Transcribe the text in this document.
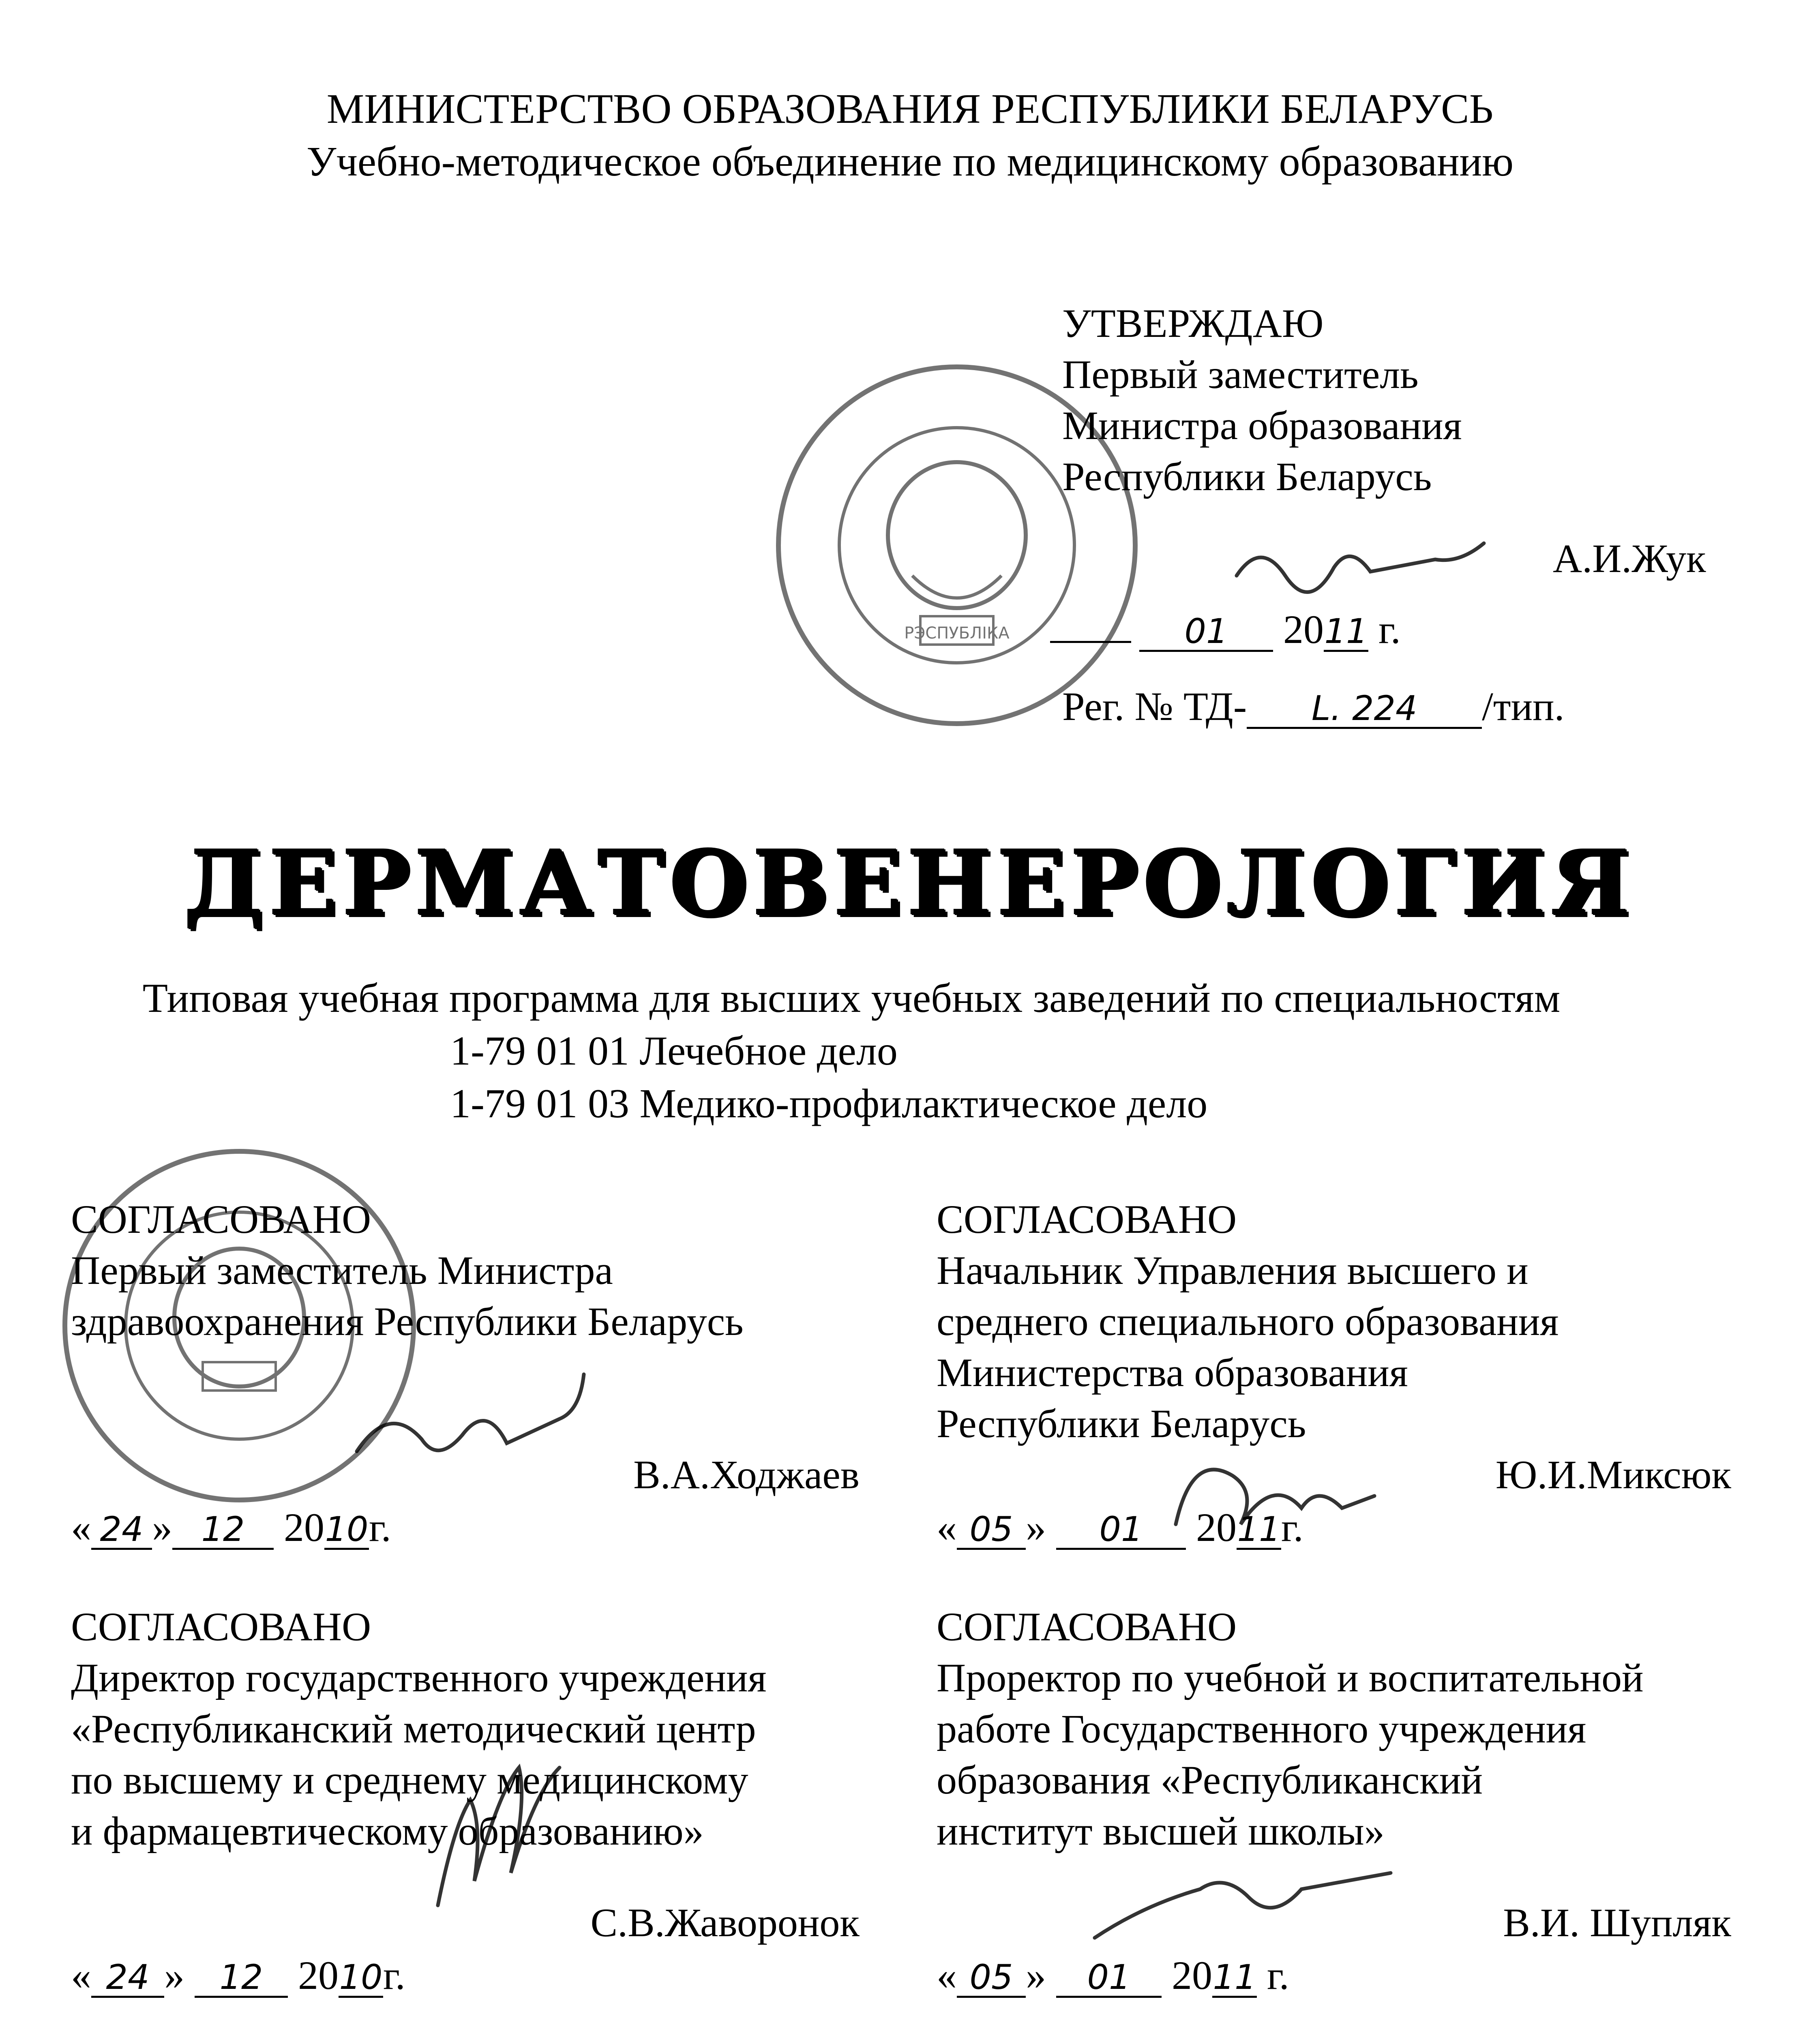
МИНИСТЕРСТВО ОБРАЗОВАНИЯ РЕСПУБЛИКИ БЕЛАРУСЬ

Учебно-методическое объединение по медицинскому образованию

УТВЕРЖДАЮ
Первый заместитель
Министра образования
Республики Беларусь

А.И.Жук

01 2011 г.

Рег. № ТД- L. 224 /тип.

ДЕРМАТОВЕНЕРОЛОГИЯ

Типовая учебная программа для высших учебных заведений по специальностям

1-79 01 01 Лечебное дело

1-79 01 03 Медико-профилактическое дело

СОГЛАСОВАНО
Первый заместитель Министра
здравоохранения Республики Беларусь

В.А.Ходжаев

« 24 » 12 2010г.

СОГЛАСОВАНО
Начальник Управления высшего и
среднего специального образования
Министерства образования
Республики Беларусь

Ю.И.Миксюк

« 05 » 01 2011г.

СОГЛАСОВАНО
Директор государственного учреждения
«Республиканский методический центр
по высшему и среднему медицинскому
и фармацевтическому образованию»

С.В.Жаворонок

« 24 » 12 2010г.

СОГЛАСОВАНО
Проректор по учебной и воспитательной
работе Государственного учреждения
образования «Республиканский
институт высшей школы»

В.И. Шупляк

« 05 » 01 2011 г.

РЭСПУБЛІКА
